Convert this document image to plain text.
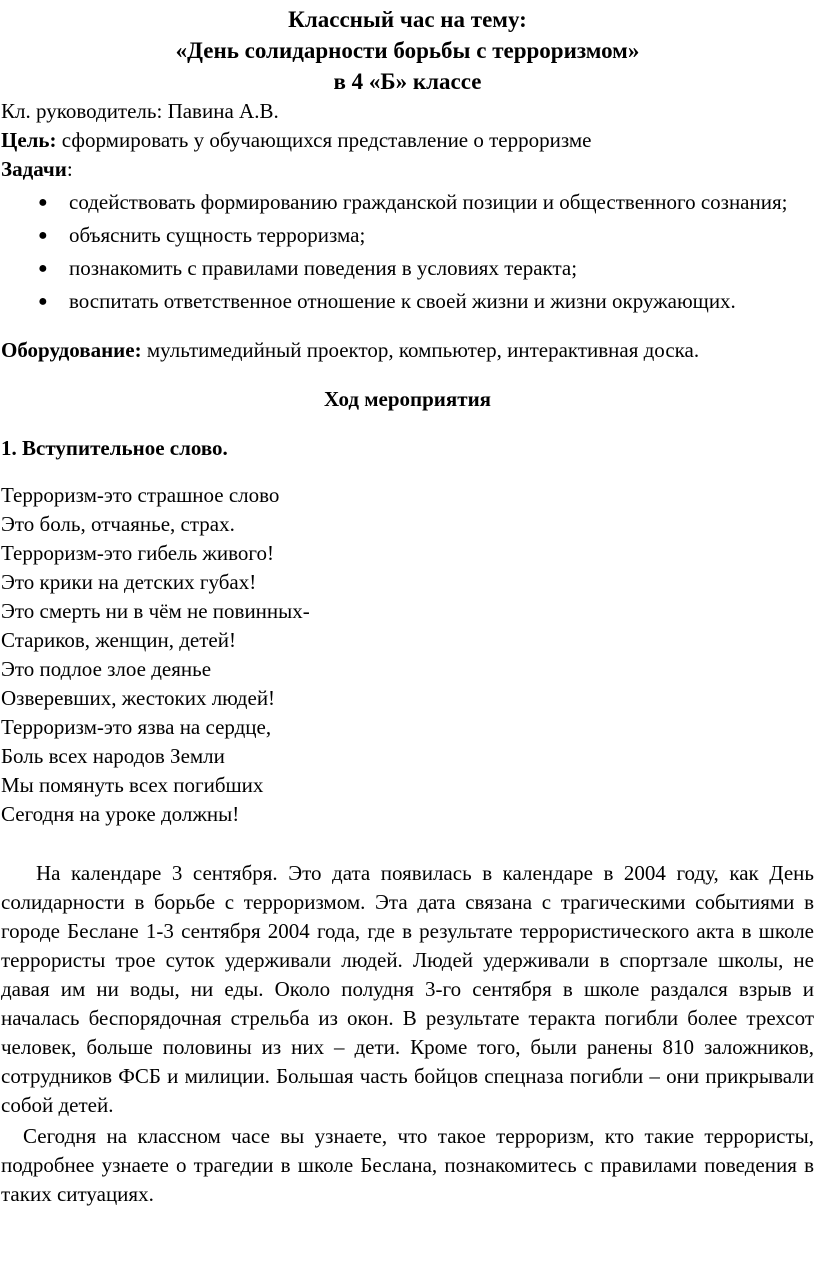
Классный час на тему:
«День солидарности борьбы с терроризмом»
в 4 «Б» классе
Кл. руководитель: Павина А.В.
Цель: сформировать у обучающихся представление о терроризме
Задачи:
● содействовать формированию гражданской позиции и общественного сознания;
● объяснить сущность терроризма;
● познакомить с правилами поведения в условиях теракта;
● воспитать ответственное отношение к своей жизни и жизни окружающих.
Оборудование: мультимедийный проектор, компьютер, интерактивная доска.
Ход мероприятия
1. Вступительное слово.
Терроризм-это страшное слово
Это боль, отчаянье, страх.
Терроризм-это гибель живого!
Это крики на детских губах!
Это смерть ни в чём не повинных-
Стариков, женщин, детей!
Это подлое злое деянье
Озверевших, жестоких людей!
Терроризм-это язва на сердце,
Боль всех народов Земли
Мы помянуть всех погибших
Сегодня на уроке должны!

На календаре 3 сентября. Это дата появилась в календаре в 2004 году, как День солидарности в борьбе с терроризмом. Эта дата связана с трагическими событиями в городе Беслане 1-3 сентября 2004 года, где в результате террористического акта в школе террористы трое суток удерживали людей. Людей удерживали в спортзале школы, не давая им ни воды, ни еды. Около полудня 3-го сентября в школе раздался взрыв и началась беспорядочная стрельба из окон. В результате теракта погибли более трехсот человек, больше половины из них – дети. Кроме того, были ранены 810 заложников, сотрудников ФСБ и милиции. Большая часть бойцов спецназа погибли – они прикрывали собой детей.

Сегодня на классном часе вы узнаете, что такое терроризм, кто такие террористы, подробнее узнаете о трагедии в школе Беслана, познакомитесь с правилами поведения в таких ситуациях.
